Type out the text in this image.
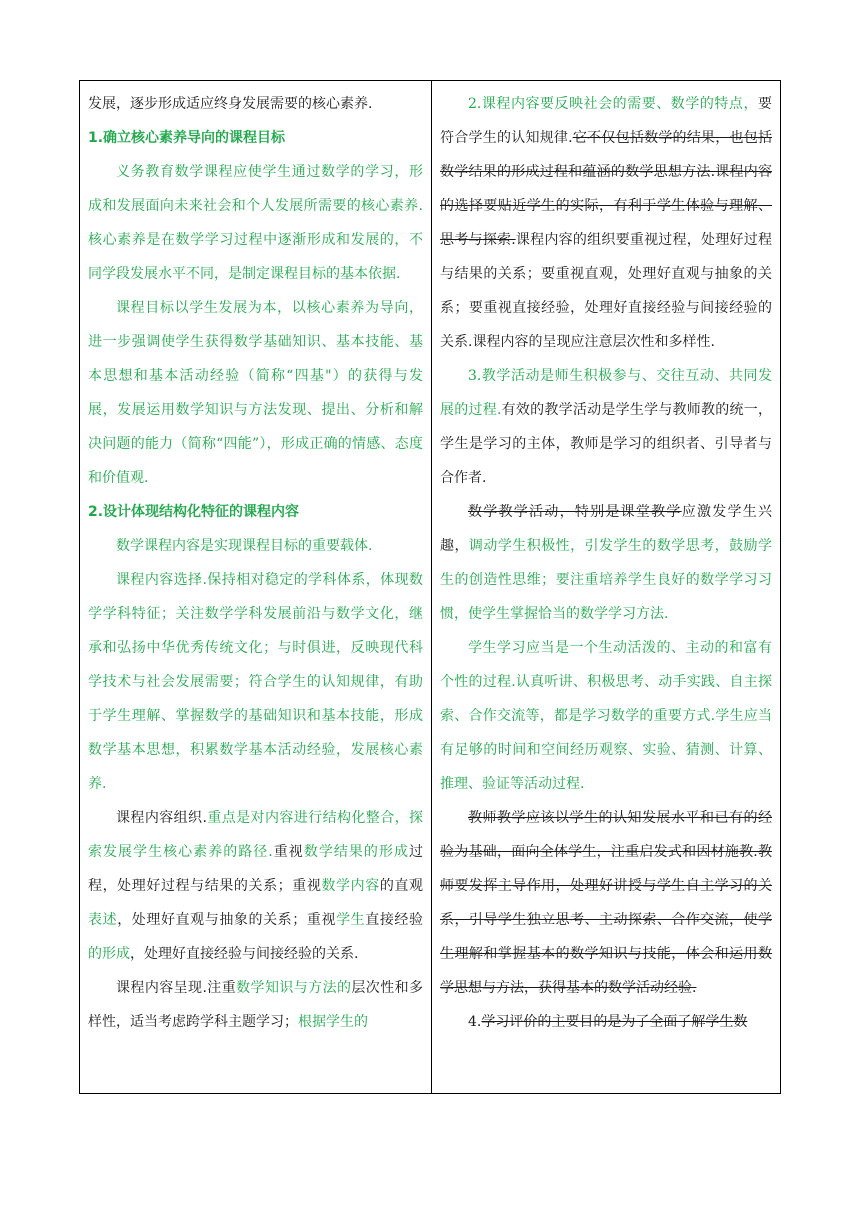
发展，逐步形成适应终身发展需要的核心素养.

1.确立核心素养导向的课程目标

义务教育数学课程应使学生通过数学的学习，形成和发展面向未来社会和个人发展所需要的核心素养.核心素养是在数学学习过程中逐渐形成和发展的，不同学段发展水平不同，是制定课程目标的基本依据.

课程目标以学生发展为本，以核心素养为导向，进一步强调使学生获得数学基础知识、基本技能、基本思想和基本活动经验（简称“四基"）的获得与发展，发展运用数学知识与方法发现、提出、分析和解决问题的能力（简称“四能”），形成正确的情感、态度和价值观.

2.设计体现结构化特征的课程内容

数学课程内容是实现课程目标的重要载体.

课程内容选择.保持相对稳定的学科体系，体现数学学科特征；关注数学学科发展前沿与数学文化，继承和弘扬中华优秀传统文化；与时俱进，反映现代科学技术与社会发展需要；符合学生的认知规律，有助于学生理解、掌握数学的基础知识和基本技能，形成数学基本思想，积累数学基本活动经验，发展核心素养.

课程内容组织.重点是对内容进行结构化整合，探索发展学生核心素养的路径.重视数学结果的形成过程，处理好过程与结果的关系；重视数学内容的直观表述，处理好直观与抽象的关系；重视学生直接经验的形成，处理好直接经验与间接经验的关系.

课程内容呈现.注重数学知识与方法的层次性和多样性，适当考虑跨学科主题学习；根据学生的

2.课程内容要反映社会的需要、数学的特点，要符合学生的认知规律.它不仅包括数学的结果，也包括数学结果的形成过程和蕴涵的数学思想方法.课程内容的选择要贴近学生的实际，有利于学生体验与理解、思考与探索.课程内容的组织要重视过程，处理好过程与结果的关系；要重视直观，处理好直观与抽象的关系；要重视直接经验，处理好直接经验与间接经验的关系.课程内容的呈现应注意层次性和多样性.

3.教学活动是师生积极参与、交往互动、共同发展的过程.有效的教学活动是学生学与教师教的统一，学生是学习的主体，教师是学习的组织者、引导者与合作者.

数学教学活动，特别是课堂教学应激发学生兴趣，调动学生积极性，引发学生的数学思考，鼓励学生的创造性思维；要注重培养学生良好的数学学习习惯，使学生掌握恰当的数学学习方法.

学生学习应当是一个生动活泼的、主动的和富有个性的过程.认真听讲、积极思考、动手实践、自主探索、合作交流等，都是学习数学的重要方式.学生应当有足够的时间和空间经历观察、实验、猜测、计算、推理、验证等活动过程.

教师教学应该以学生的认知发展水平和已有的经验为基础，面向全体学生，注重启发式和因材施教.教师要发挥主导作用，处理好讲授与学生自主学习的关系，引导学生独立思考、主动探索、合作交流，使学生理解和掌握基本的数学知识与技能，体会和运用数学思想与方法，获得基本的数学活动经验.

4.学习评价的主要目的是为了全面了解学生数
